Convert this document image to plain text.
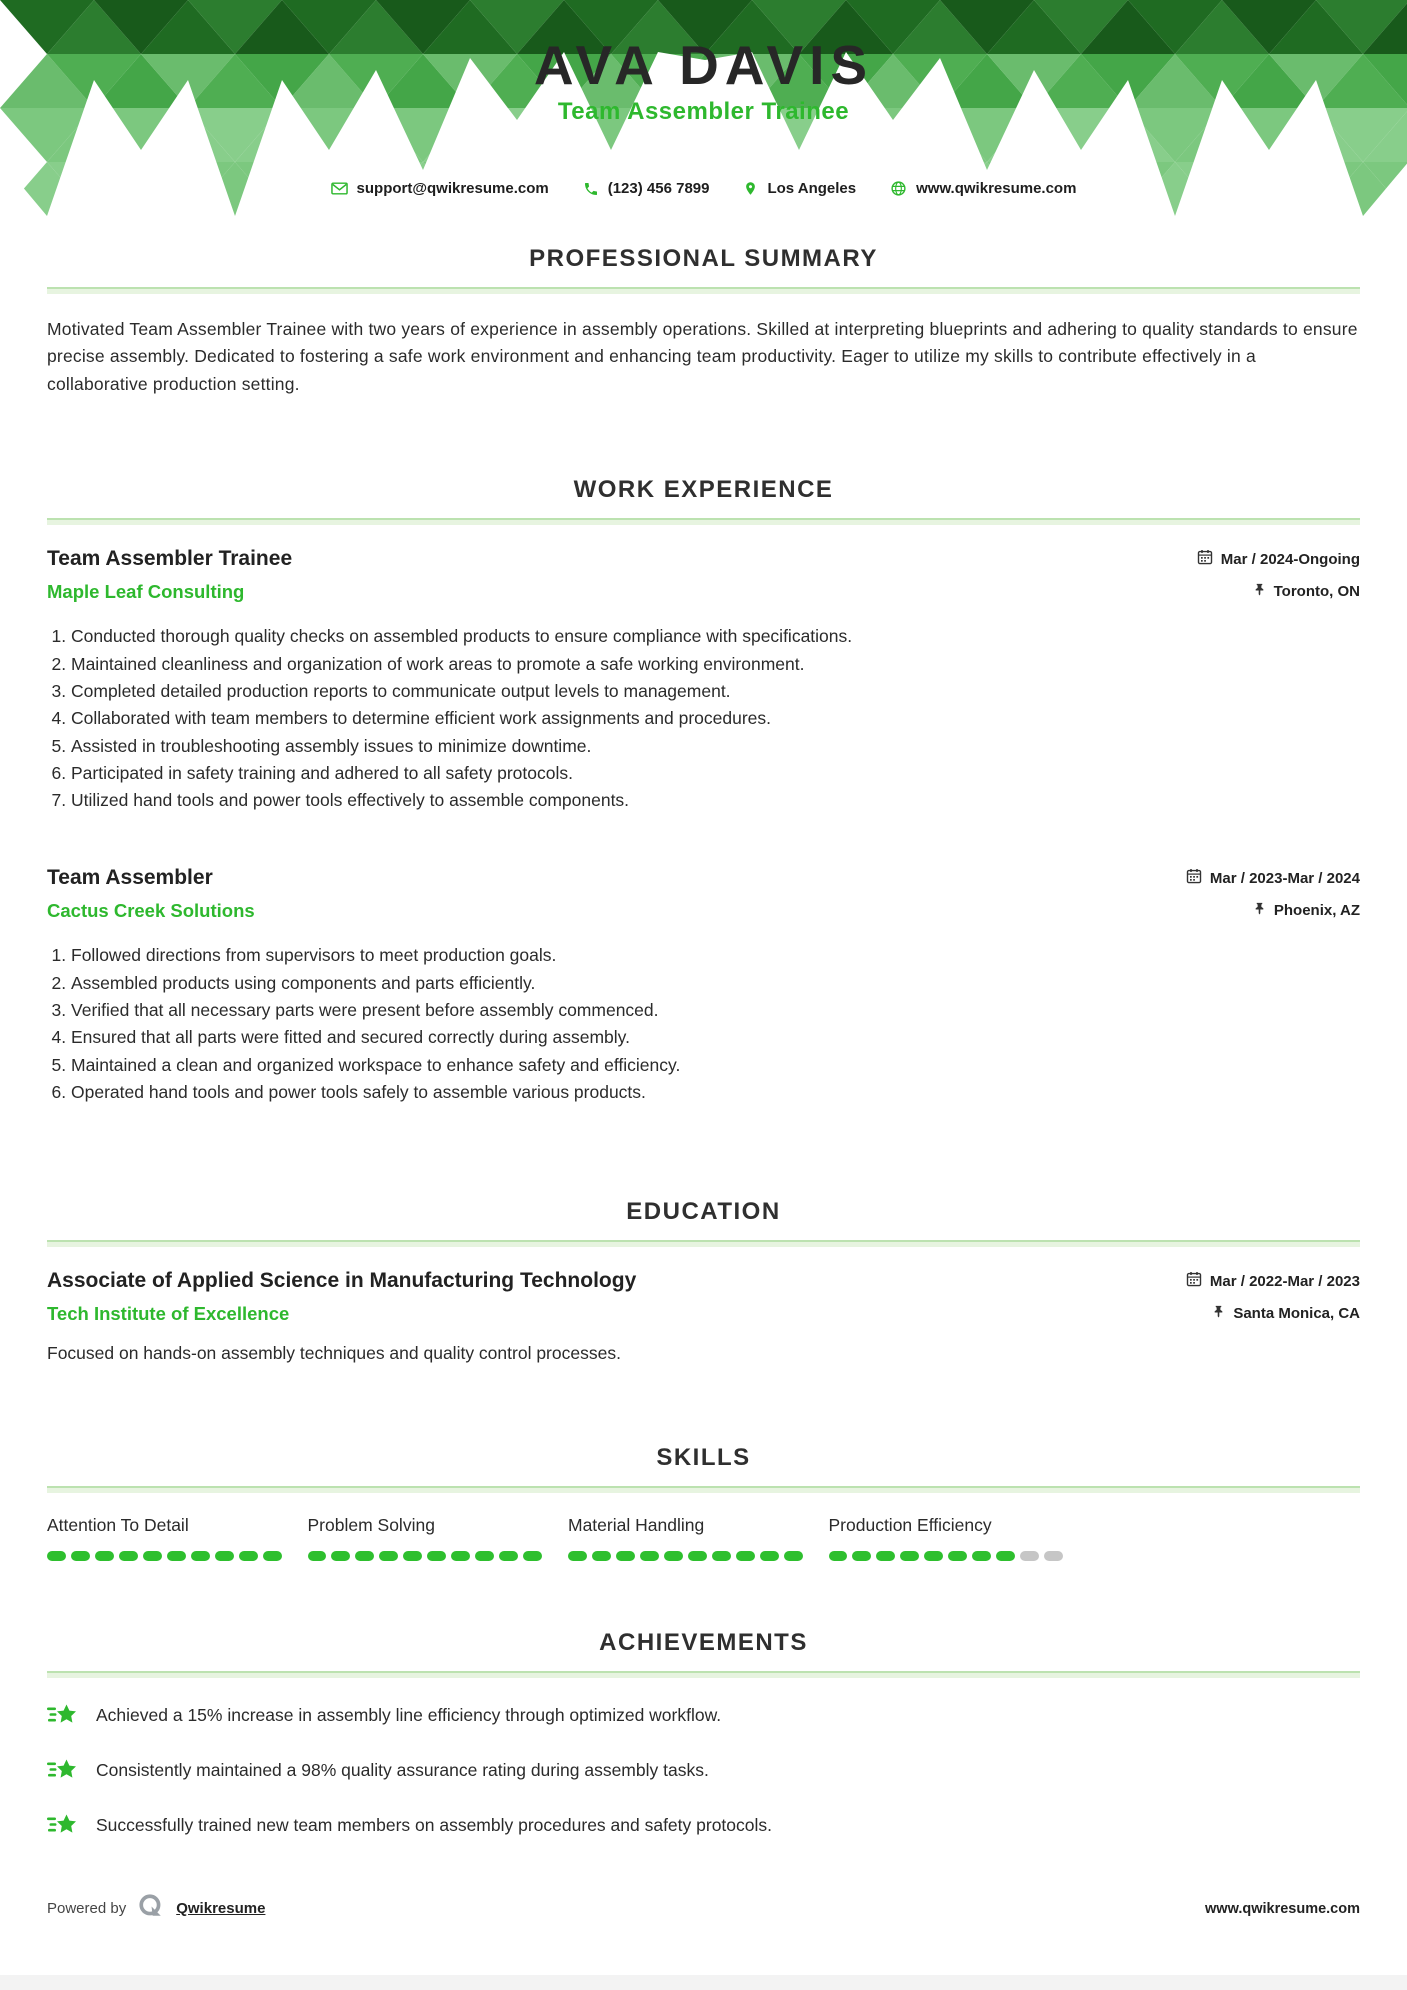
AVA DAVIS
Team Assembler Trainee
support@qwikresume.com	(123) 456 7899	Los Angeles	www.qwikresume.com
PROFESSIONAL SUMMARY

Motivated Team Assembler Trainee with two years of experience in assembly operations. Skilled at interpreting blueprints and adhering to quality standards to ensure precise assembly. Dedicated to fostering a safe work environment and enhancing team productivity. Eager to utilize my skills to contribute effectively in a collaborative production setting.

WORK EXPERIENCE
Team Assembler Trainee
Maple Leaf Consulting
Mar / 2024-Ongoing
Toronto, ON
1. Conducted thorough quality checks on assembled products to ensure compliance with specifications.
2. Maintained cleanliness and organization of work areas to promote a safe working environment.
3. Completed detailed production reports to communicate output levels to management.
4. Collaborated with team members to determine efficient work assignments and procedures.
5. Assisted in troubleshooting assembly issues to minimize downtime.
6. Participated in safety training and adhered to all safety protocols.
7. Utilized hand tools and power tools effectively to assemble components.
Team Assembler
Cactus Creek Solutions
Mar / 2023-Mar / 2024
Phoenix, AZ
1. Followed directions from supervisors to meet production goals.
2. Assembled products using components and parts efficiently.
3. Verified that all necessary parts were present before assembly commenced.
4. Ensured that all parts were fitted and secured correctly during assembly.
5. Maintained a clean and organized workspace to enhance safety and efficiency.
6. Operated hand tools and power tools safely to assemble various products.
EDUCATION
Associate of Applied Science in Manufacturing Technology
Tech Institute of Excellence
Mar / 2022-Mar / 2023
Santa Monica, CA

Focused on hands-on assembly techniques and quality control processes.

SKILLS
Attention To Detail	Problem Solving	Material Handling	Production Efficiency
ACHIEVEMENTS
Achieved a 15% increase in assembly line efficiency through optimized workflow.
Consistently maintained a 98% quality assurance rating during assembly tasks.
Successfully trained new team members on assembly procedures and safety protocols.
Powered by	Qwikresume	www.qwikresume.com
